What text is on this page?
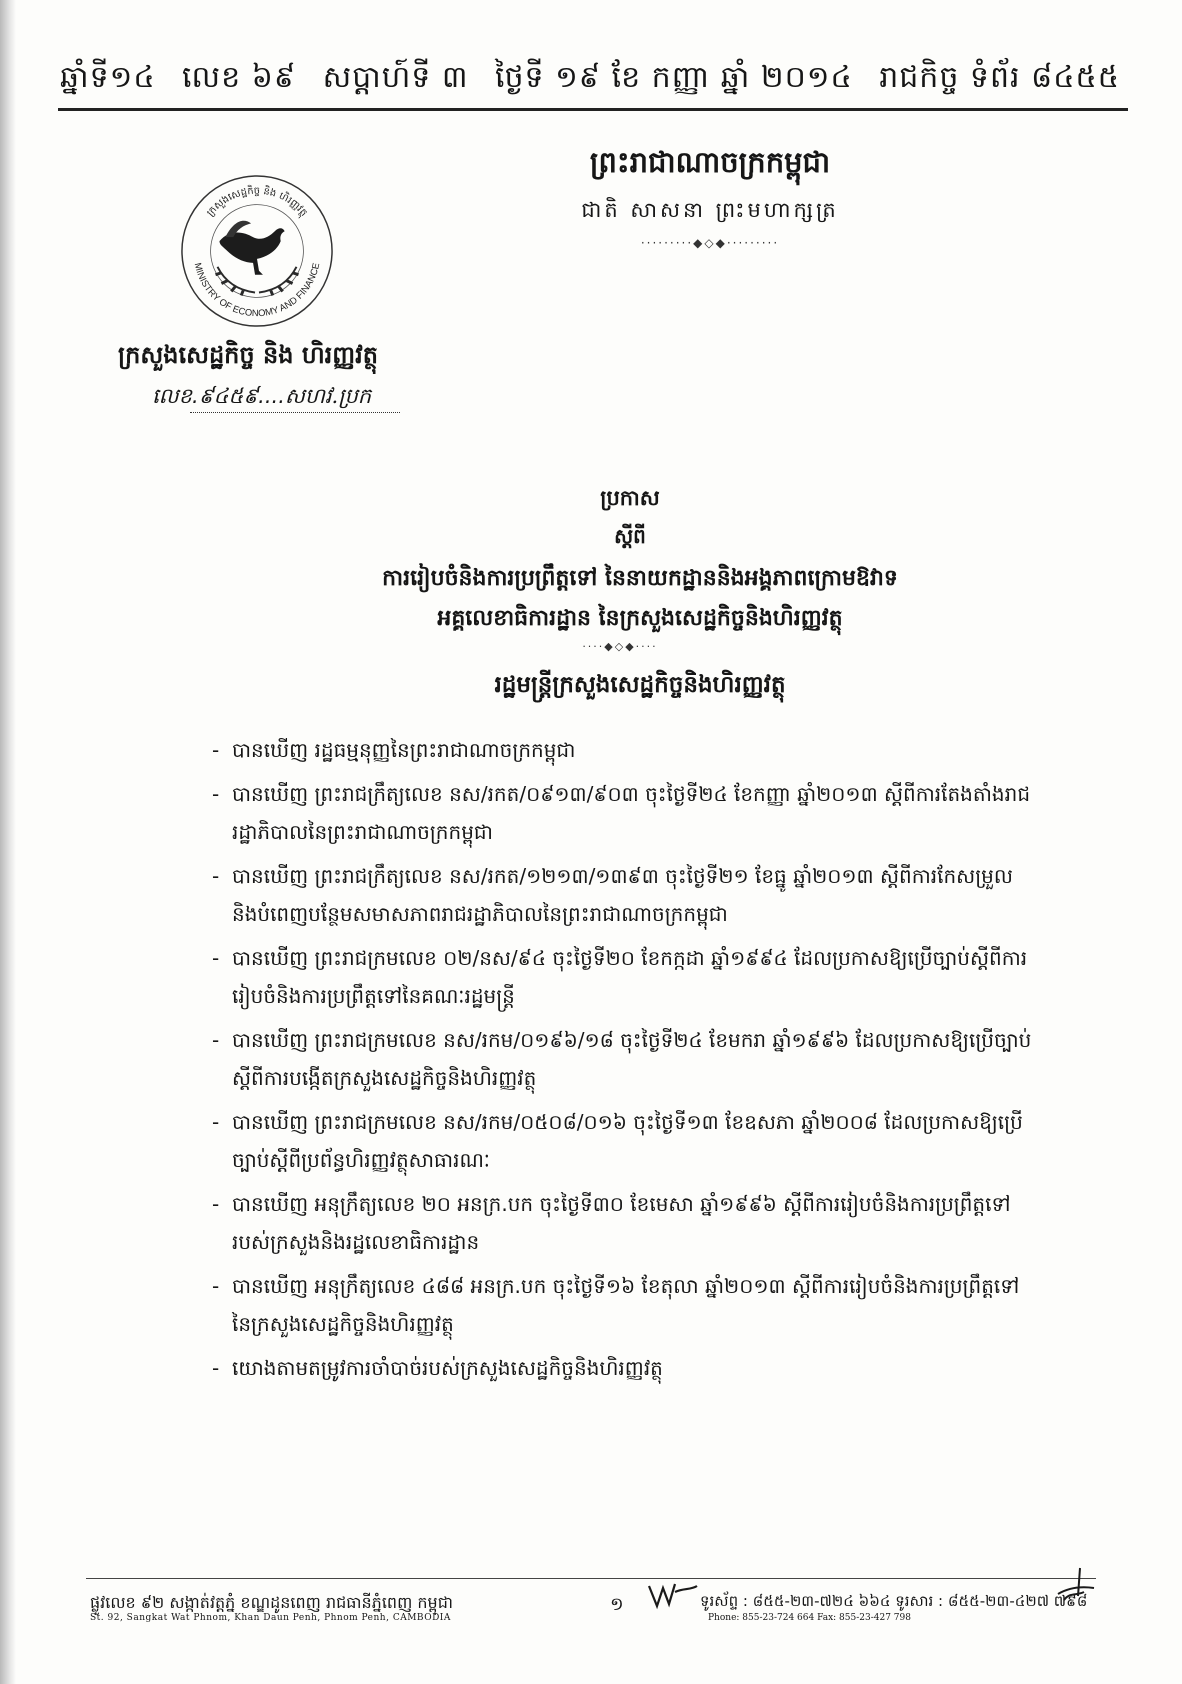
ឆ្នាំទី១៤ លេខ ៦៩ សប្តាហ៍ទី ៣ ថ្ងៃទី ១៩ ខែ កញ្ញា ឆ្នាំ ២០១៤ រាជកិច្ច ទំព័រ ៨៤៥៥
ព្រះរាជាណាចក្រកម្ពុជា
ជាតិ សាសនា ព្រះមហាក្សត្រ
·········◆◇◆·········
ក្រសួងសេដ្ឋកិច្ច និង ហិរញ្ញវត្ថុ
MINISTRY OF ECONOMY AND FINANCE
ក្រសួងសេដ្ឋកិច្ច និង ហិរញ្ញវត្ថុ
លេខ.៩៤៥៩....សហវ.ប្រក
ប្រកាស
ស្តីពី
ការរៀបចំនិងការប្រព្រឹត្តទៅ នៃនាយកដ្ឋាននិងអង្គភាពក្រោមឱវាទ
អគ្គលេខាធិការដ្ឋាន នៃក្រសួងសេដ្ឋកិច្ចនិងហិរញ្ញវត្ថុ
····◆◇◆····
រដ្ឋមន្ត្រីក្រសួងសេដ្ឋកិច្ចនិងហិរញ្ញវត្ថុ
- បានឃើញ រដ្ឋធម្មនុញ្ញនៃព្រះរាជាណាចក្រកម្ពុជា
- បានឃើញ ព្រះរាជក្រឹត្យលេខ នស/រកត/០៩១៣/៩០៣ ចុះថ្ងៃទី២៤ ខែកញ្ញា ឆ្នាំ២០១៣ ស្តីពីការតែងតាំងរាជរដ្ឋាភិបាលនៃព្រះរាជាណាចក្រកម្ពុជា
- បានឃើញ ព្រះរាជក្រឹត្យលេខ នស/រកត/១២១៣/១៣៩៣ ចុះថ្ងៃទី២១ ខែធ្នូ ឆ្នាំ២០១៣ ស្តីពីការកែសម្រួលនិងបំពេញបន្ថែមសមាសភាពរាជរដ្ឋាភិបាលនៃព្រះរាជាណាចក្រកម្ពុជា
- បានឃើញ ព្រះរាជក្រមលេខ ០២/នស/៩៤ ចុះថ្ងៃទី២០ ខែកក្កដា ឆ្នាំ១៩៩៤ ដែលប្រកាសឱ្យប្រើច្បាប់ស្តីពីការរៀបចំនិងការប្រព្រឹត្តទៅនៃគណៈរដ្ឋមន្ត្រី
- បានឃើញ ព្រះរាជក្រមលេខ នស/រកម/០១៩៦/១៨ ចុះថ្ងៃទី២៤ ខែមករា ឆ្នាំ១៩៩៦ ដែលប្រកាសឱ្យប្រើច្បាប់ស្តីពីការបង្កើតក្រសួងសេដ្ឋកិច្ចនិងហិរញ្ញវត្ថុ
- បានឃើញ ព្រះរាជក្រមលេខ នស/រកម/០៥០៨/០១៦ ចុះថ្ងៃទី១៣ ខែឧសភា ឆ្នាំ២០០៨ ដែលប្រកាសឱ្យប្រើច្បាប់ស្តីពីប្រព័ន្ធហិរញ្ញវត្ថុសាធារណៈ
- បានឃើញ អនុក្រឹត្យលេខ ២០ អនក្រ.បក ចុះថ្ងៃទី៣០ ខែមេសា ឆ្នាំ១៩៩៦ ស្តីពីការរៀបចំនិងការប្រព្រឹត្តទៅរបស់ក្រសួងនិងរដ្ឋលេខាធិការដ្ឋាន
- បានឃើញ អនុក្រឹត្យលេខ ៤៨៨ អនក្រ.បក ចុះថ្ងៃទី១៦ ខែតុលា ឆ្នាំ២០១៣ ស្តីពីការរៀបចំនិងការប្រព្រឹត្តទៅនៃក្រសួងសេដ្ឋកិច្ចនិងហិរញ្ញវត្ថុ
- យោងតាមតម្រូវការចាំបាច់របស់ក្រសួងសេដ្ឋកិច្ចនិងហិរញ្ញវត្ថុ
ផ្លូវលេខ ៩២ សង្កាត់វត្តភ្នំ ខណ្ឌដូនពេញ រាជធានីភ្នំពេញ កម្ពុជា
St. 92, Sangkat Wat Phnom, Khan Daun Penh, Phnom Penh, CAMBODIA
១	ទូរស័ព្ទ : ៨៥៥-២៣-៧២៤ ៦៦៤ ទូរសារ : ៨៥៥-២៣-៤២៧ ៧៩៨
Phone: 855-23-724 664 Fax: 855-23-427 798
